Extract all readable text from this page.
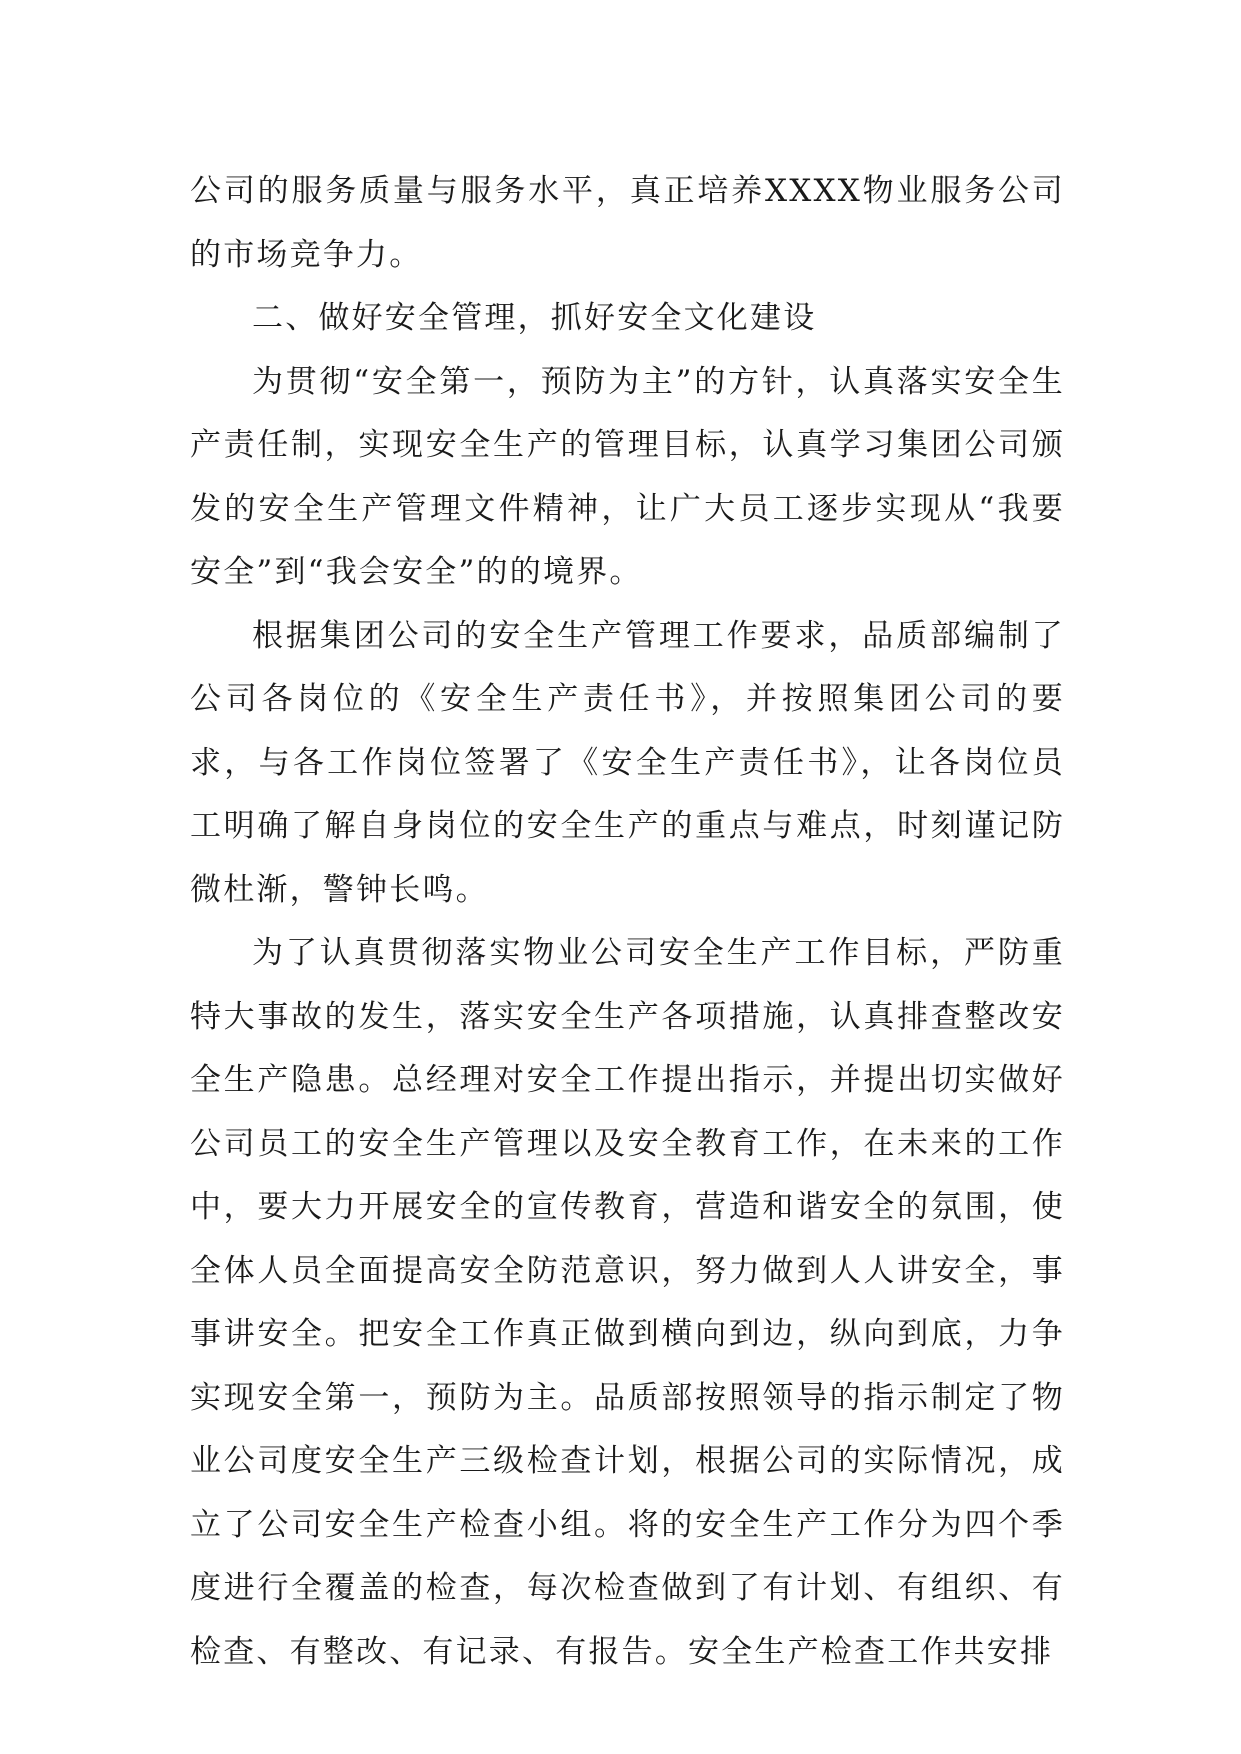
公司的服务质量与服务水平，真正培养XXXX物业服务公司的市场竞争力。

二、做好安全管理，抓好安全文化建设

为贯彻“安全第一，预防为主”的方针，认真落实安全生产责任制，实现安全生产的管理目标，认真学习集团公司颁发的安全生产管理文件精神，让广大员工逐步实现从“我要安全”到“我会安全”的的境界。

根据集团公司的安全生产管理工作要求，品质部编制了公司各岗位的《安全生产责任书》，并按照集团公司的要求，与各工作岗位签署了《安全生产责任书》，让各岗位员工明确了解自身岗位的安全生产的重点与难点，时刻谨记防微杜渐，警钟长鸣。

为了认真贯彻落实物业公司安全生产工作目标，严防重特大事故的发生，落实安全生产各项措施，认真排查整改安全生产隐患。总经理对安全工作提出指示，并提出切实做好公司员工的安全生产管理以及安全教育工作，在未来的工作中，要大力开展安全的宣传教育，营造和谐安全的氛围，使全体人员全面提高安全防范意识，努力做到人人讲安全，事事讲安全。把安全工作真正做到横向到边，纵向到底，力争实现安全第一，预防为主。品质部按照领导的指示制定了物业公司度安全生产三级检查计划，根据公司的实际情况，成立了公司安全生产检查小组。将的安全生产工作分为四个季度进行全覆盖的检查，每次检查做到了有计划、有组织、有检查、有整改、有记录、有报告。安全生产检查工作共安排
